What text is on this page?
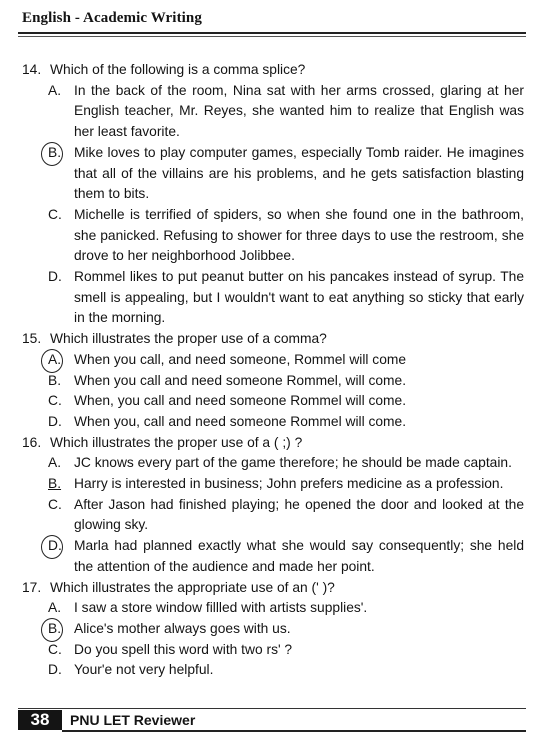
English - Academic Writing

14. Which of the following is a comma splice?

A. In the back of the room, Nina sat with her arms crossed, glaring at her English teacher, Mr. Reyes, she wanted him to realize that English was her least favorite.
B. Mike loves to play computer games, especially Tomb raider. He imagines that all of the villains are his problems, and he gets satisfaction blasting them to bits.
C. Michelle is terrified of spiders, so when she found one in the bathroom, she panicked. Refusing to shower for three days to use the restroom, she drove to her neighborhood Jolibbee.
D. Rommel likes to put peanut butter on his pancakes instead of syrup. The smell is appealing, but I wouldn't want to eat anything so sticky that early in the morning.

15. Which illustrates the proper use of a comma?

A. When you call, and need someone, Rommel will come
B. When you call and need someone Rommel, will come.
C. When, you call and need someone Rommel will come.
D. When you, call and need someone Rommel will come.

16. Which illustrates the proper use of a ( ;) ?

A. JC knows every part of the game therefore; he should be made captain.
B. Harry is interested in business; John prefers medicine as a profession.
C. After Jason had finished playing; he opened the door and looked at the glowing sky.
D. Marla had planned exactly what she would say consequently; she held the attention of the audience and made her point.

17. Which illustrates the appropriate use of an (' )?

A. I saw a store window fillled with artists supplies'.
B. Alice's mother always goes with us.
C. Do you spell this word with two rs' ?
D. Your'e not very helpful.
38	PNU LET Reviewer
